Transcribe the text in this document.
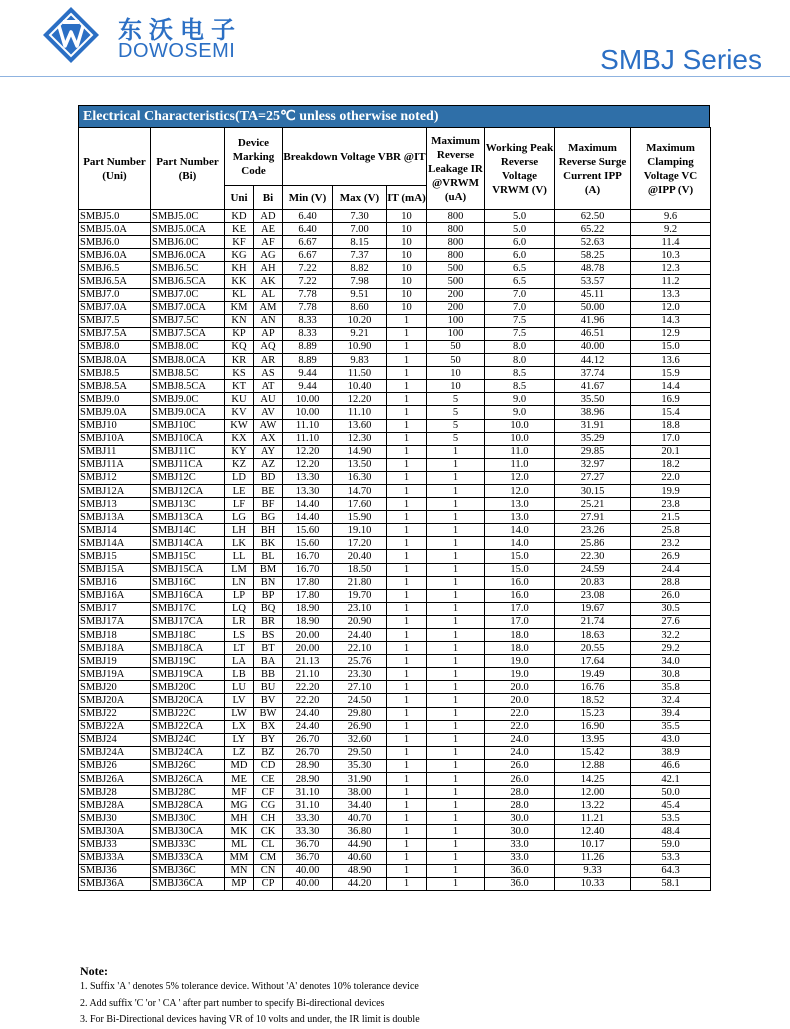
东沃电子
DOWOSEMI	SMBJ Series
Electrical Characteristics(TA=25℃ unless otherwise noted)
Part Number (Uni)	Part Number (Bi)	Device Marking Code		Breakdown Voltage VBR @IT			Maximum Reverse Leakage IR @VRWM (uA)	Working Peak Reverse Voltage VRWM (V)	Maximum Reverse Surge Current IPP (A)	Maximum Clamping Voltage VC @IPP (V)
		Uni	Bi	Min (V)	Max (V)	IT (mA)				
SMBJ5.0	SMBJ5.0C	KD	AD	6.40	7.30	10	800	5.0	62.50	9.6
SMBJ5.0A	SMBJ5.0CA	KE	AE	6.40	7.00	10	800	5.0	65.22	9.2
SMBJ6.0	SMBJ6.0C	KF	AF	6.67	8.15	10	800	6.0	52.63	11.4
SMBJ6.0A	SMBJ6.0CA	KG	AG	6.67	7.37	10	800	6.0	58.25	10.3
SMBJ6.5	SMBJ6.5C	KH	AH	7.22	8.82	10	500	6.5	48.78	12.3
SMBJ6.5A	SMBJ6.5CA	KK	AK	7.22	7.98	10	500	6.5	53.57	11.2
SMBJ7.0	SMBJ7.0C	KL	AL	7.78	9.51	10	200	7.0	45.11	13.3
SMBJ7.0A	SMBJ7.0CA	KM	AM	7.78	8.60	10	200	7.0	50.00	12.0
SMBJ7.5	SMBJ7.5C	KN	AN	8.33	10.20	1	100	7.5	41.96	14.3
SMBJ7.5A	SMBJ7.5CA	KP	AP	8.33	9.21	1	100	7.5	46.51	12.9
SMBJ8.0	SMBJ8.0C	KQ	AQ	8.89	10.90	1	50	8.0	40.00	15.0
SMBJ8.0A	SMBJ8.0CA	KR	AR	8.89	9.83	1	50	8.0	44.12	13.6
SMBJ8.5	SMBJ8.5C	KS	AS	9.44	11.50	1	10	8.5	37.74	15.9
SMBJ8.5A	SMBJ8.5CA	KT	AT	9.44	10.40	1	10	8.5	41.67	14.4
SMBJ9.0	SMBJ9.0C	KU	AU	10.00	12.20	1	5	9.0	35.50	16.9
SMBJ9.0A	SMBJ9.0CA	KV	AV	10.00	11.10	1	5	9.0	38.96	15.4
SMBJ10	SMBJ10C	KW	AW	11.10	13.60	1	5	10.0	31.91	18.8
SMBJ10A	SMBJ10CA	KX	AX	11.10	12.30	1	5	10.0	35.29	17.0
SMBJ11	SMBJ11C	KY	AY	12.20	14.90	1	1	11.0	29.85	20.1
SMBJ11A	SMBJ11CA	KZ	AZ	12.20	13.50	1	1	11.0	32.97	18.2
SMBJ12	SMBJ12C	LD	BD	13.30	16.30	1	1	12.0	27.27	22.0
SMBJ12A	SMBJ12CA	LE	BE	13.30	14.70	1	1	12.0	30.15	19.9
SMBJ13	SMBJ13C	LF	BF	14.40	17.60	1	1	13.0	25.21	23.8
SMBJ13A	SMBJ13CA	LG	BG	14.40	15.90	1	1	13.0	27.91	21.5
SMBJ14	SMBJ14C	LH	BH	15.60	19.10	1	1	14.0	23.26	25.8
SMBJ14A	SMBJ14CA	LK	BK	15.60	17.20	1	1	14.0	25.86	23.2
SMBJ15	SMBJ15C	LL	BL	16.70	20.40	1	1	15.0	22.30	26.9
SMBJ15A	SMBJ15CA	LM	BM	16.70	18.50	1	1	15.0	24.59	24.4
SMBJ16	SMBJ16C	LN	BN	17.80	21.80	1	1	16.0	20.83	28.8
SMBJ16A	SMBJ16CA	LP	BP	17.80	19.70	1	1	16.0	23.08	26.0
SMBJ17	SMBJ17C	LQ	BQ	18.90	23.10	1	1	17.0	19.67	30.5
SMBJ17A	SMBJ17CA	LR	BR	18.90	20.90	1	1	17.0	21.74	27.6
SMBJ18	SMBJ18C	LS	BS	20.00	24.40	1	1	18.0	18.63	32.2
SMBJ18A	SMBJ18CA	LT	BT	20.00	22.10	1	1	18.0	20.55	29.2
SMBJ19	SMBJ19C	LA	BA	21.13	25.76	1	1	19.0	17.64	34.0
SMBJ19A	SMBJ19CA	LB	BB	21.10	23.30	1	1	19.0	19.49	30.8
SMBJ20	SMBJ20C	LU	BU	22.20	27.10	1	1	20.0	16.76	35.8
SMBJ20A	SMBJ20CA	LV	BV	22.20	24.50	1	1	20.0	18.52	32.4
SMBJ22	SMBJ22C	LW	BW	24.40	29.80	1	1	22.0	15.23	39.4
SMBJ22A	SMBJ22CA	LX	BX	24.40	26.90	1	1	22.0	16.90	35.5
SMBJ24	SMBJ24C	LY	BY	26.70	32.60	1	1	24.0	13.95	43.0
SMBJ24A	SMBJ24CA	LZ	BZ	26.70	29.50	1	1	24.0	15.42	38.9
SMBJ26	SMBJ26C	MD	CD	28.90	35.30	1	1	26.0	12.88	46.6
SMBJ26A	SMBJ26CA	ME	CE	28.90	31.90	1	1	26.0	14.25	42.1
SMBJ28	SMBJ28C	MF	CF	31.10	38.00	1	1	28.0	12.00	50.0
SMBJ28A	SMBJ28CA	MG	CG	31.10	34.40	1	1	28.0	13.22	45.4
SMBJ30	SMBJ30C	MH	CH	33.30	40.70	1	1	30.0	11.21	53.5
SMBJ30A	SMBJ30CA	MK	CK	33.30	36.80	1	1	30.0	12.40	48.4
SMBJ33	SMBJ33C	ML	CL	36.70	44.90	1	1	33.0	10.17	59.0
SMBJ33A	SMBJ33CA	MM	CM	36.70	40.60	1	1	33.0	11.26	53.3
SMBJ36	SMBJ36C	MN	CN	40.00	48.90	1	1	36.0	9.33	64.3
SMBJ36A	SMBJ36CA	MP	CP	40.00	44.20	1	1	36.0	10.33	58.1
Note:
1. Suffix 'A ' denotes 5% tolerance device. Without 'A' denotes 10% tolerance device
2. Add suffix 'C 'or ' CA ' after part number to specify Bi-directional devices
3. For Bi-Directional devices having VR of 10 volts and under, the IR limit is double
